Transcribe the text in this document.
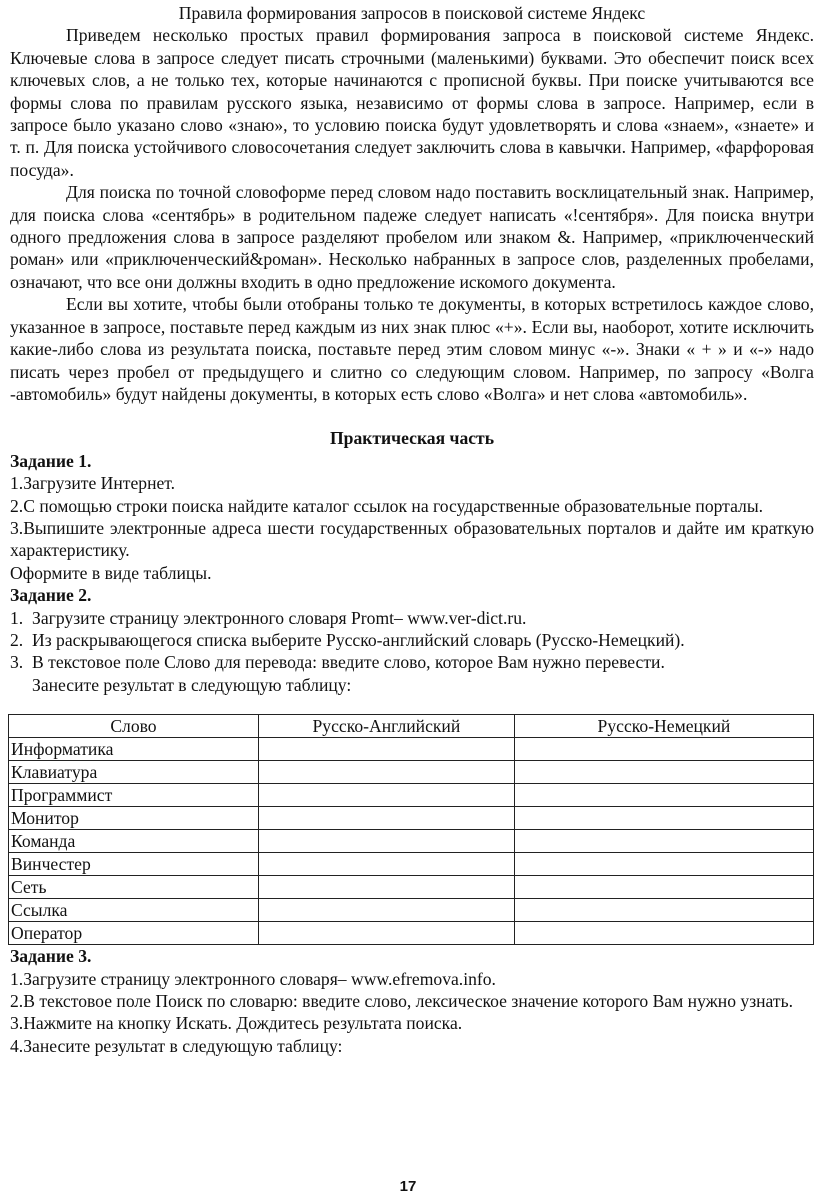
Правила формирования запросов в поисковой системе Яндекс

Приведем несколько простых правил формирования запроса в поисковой системе Яндекс. Ключевые слова в запросе следует писать строчными (маленькими) буквами. Это обеспечит поиск всех ключевых слов, а не только тех, которые начинаются с прописной буквы. При поиске учитываются все формы слова по правилам русского языка, независимо от формы слова в запросе. Например, если в запросе было указано слово «знаю», то условию поиска будут удовлетворять и слова «знаем», «знаете» и т. п. Для поиска устойчивого словосочетания следует заключить слова в кавычки. Например, «фарфоровая посуда».

Для поиска по точной словоформе перед словом надо поставить восклицательный знак. Например, для поиска слова «сентябрь» в родительном падеже следует написать «!сентября». Для поиска внутри одного предложения слова в запросе разделяют пробелом или знаком &. Например, «приключенческий роман» или «приключенческий&роман». Несколько набранных в запросе слов, разделенных пробелами, означают, что все они должны входить в одно предложение искомого документа.

Если вы хотите, чтобы были отобраны только те документы, в которых встретилось каждое слово, указанное в запросе, поставьте перед каждым из них знак плюс «+». Если вы, наоборот, хотите исключить какие-либо слова из результата поиска, поставьте перед этим словом минус «-». Знаки « + » и «-» надо писать через пробел от предыдущего и слитно со следующим словом. Например, по запросу «Волга -автомобиль» будут найдены документы, в которых есть слово «Волга» и нет слова «автомобиль».

Практическая часть

Задание 1.

1.Загрузите Интернет.

2.С помощью строки поиска найдите каталог ссылок на государственные образовательные порталы.

3.Выпишите электронные адреса шести государственных образовательных порталов и дайте им краткую характеристику.

Оформите в виде таблицы.

Задание 2.

1. Загрузите страницу электронного словаря Promt– www.ver-dict.ru.
2. Из раскрывающегося списка выберите Русско-английский словарь (Русско-Немецкий).
3. В текстовое поле Слово для перевода: введите слово, которое Вам нужно перевести.

Занесите результат в следующую таблицу:

Слово	Русско-Английский	Русско-Немецкий
Информатика		
Клавиатура		
Программист		
Монитор		
Команда		
Винчестер		
Сеть		
Ссылка		
Оператор		

Задание 3.

1.Загрузите страницу электронного словаря– www.efremova.info.

2.В текстовое поле Поиск по словарю: введите слово, лексическое значение которого Вам нужно узнать.

3.Нажмите на кнопку Искать. Дождитесь результата поиска.

4.Занесите результат в следующую таблицу:

17
